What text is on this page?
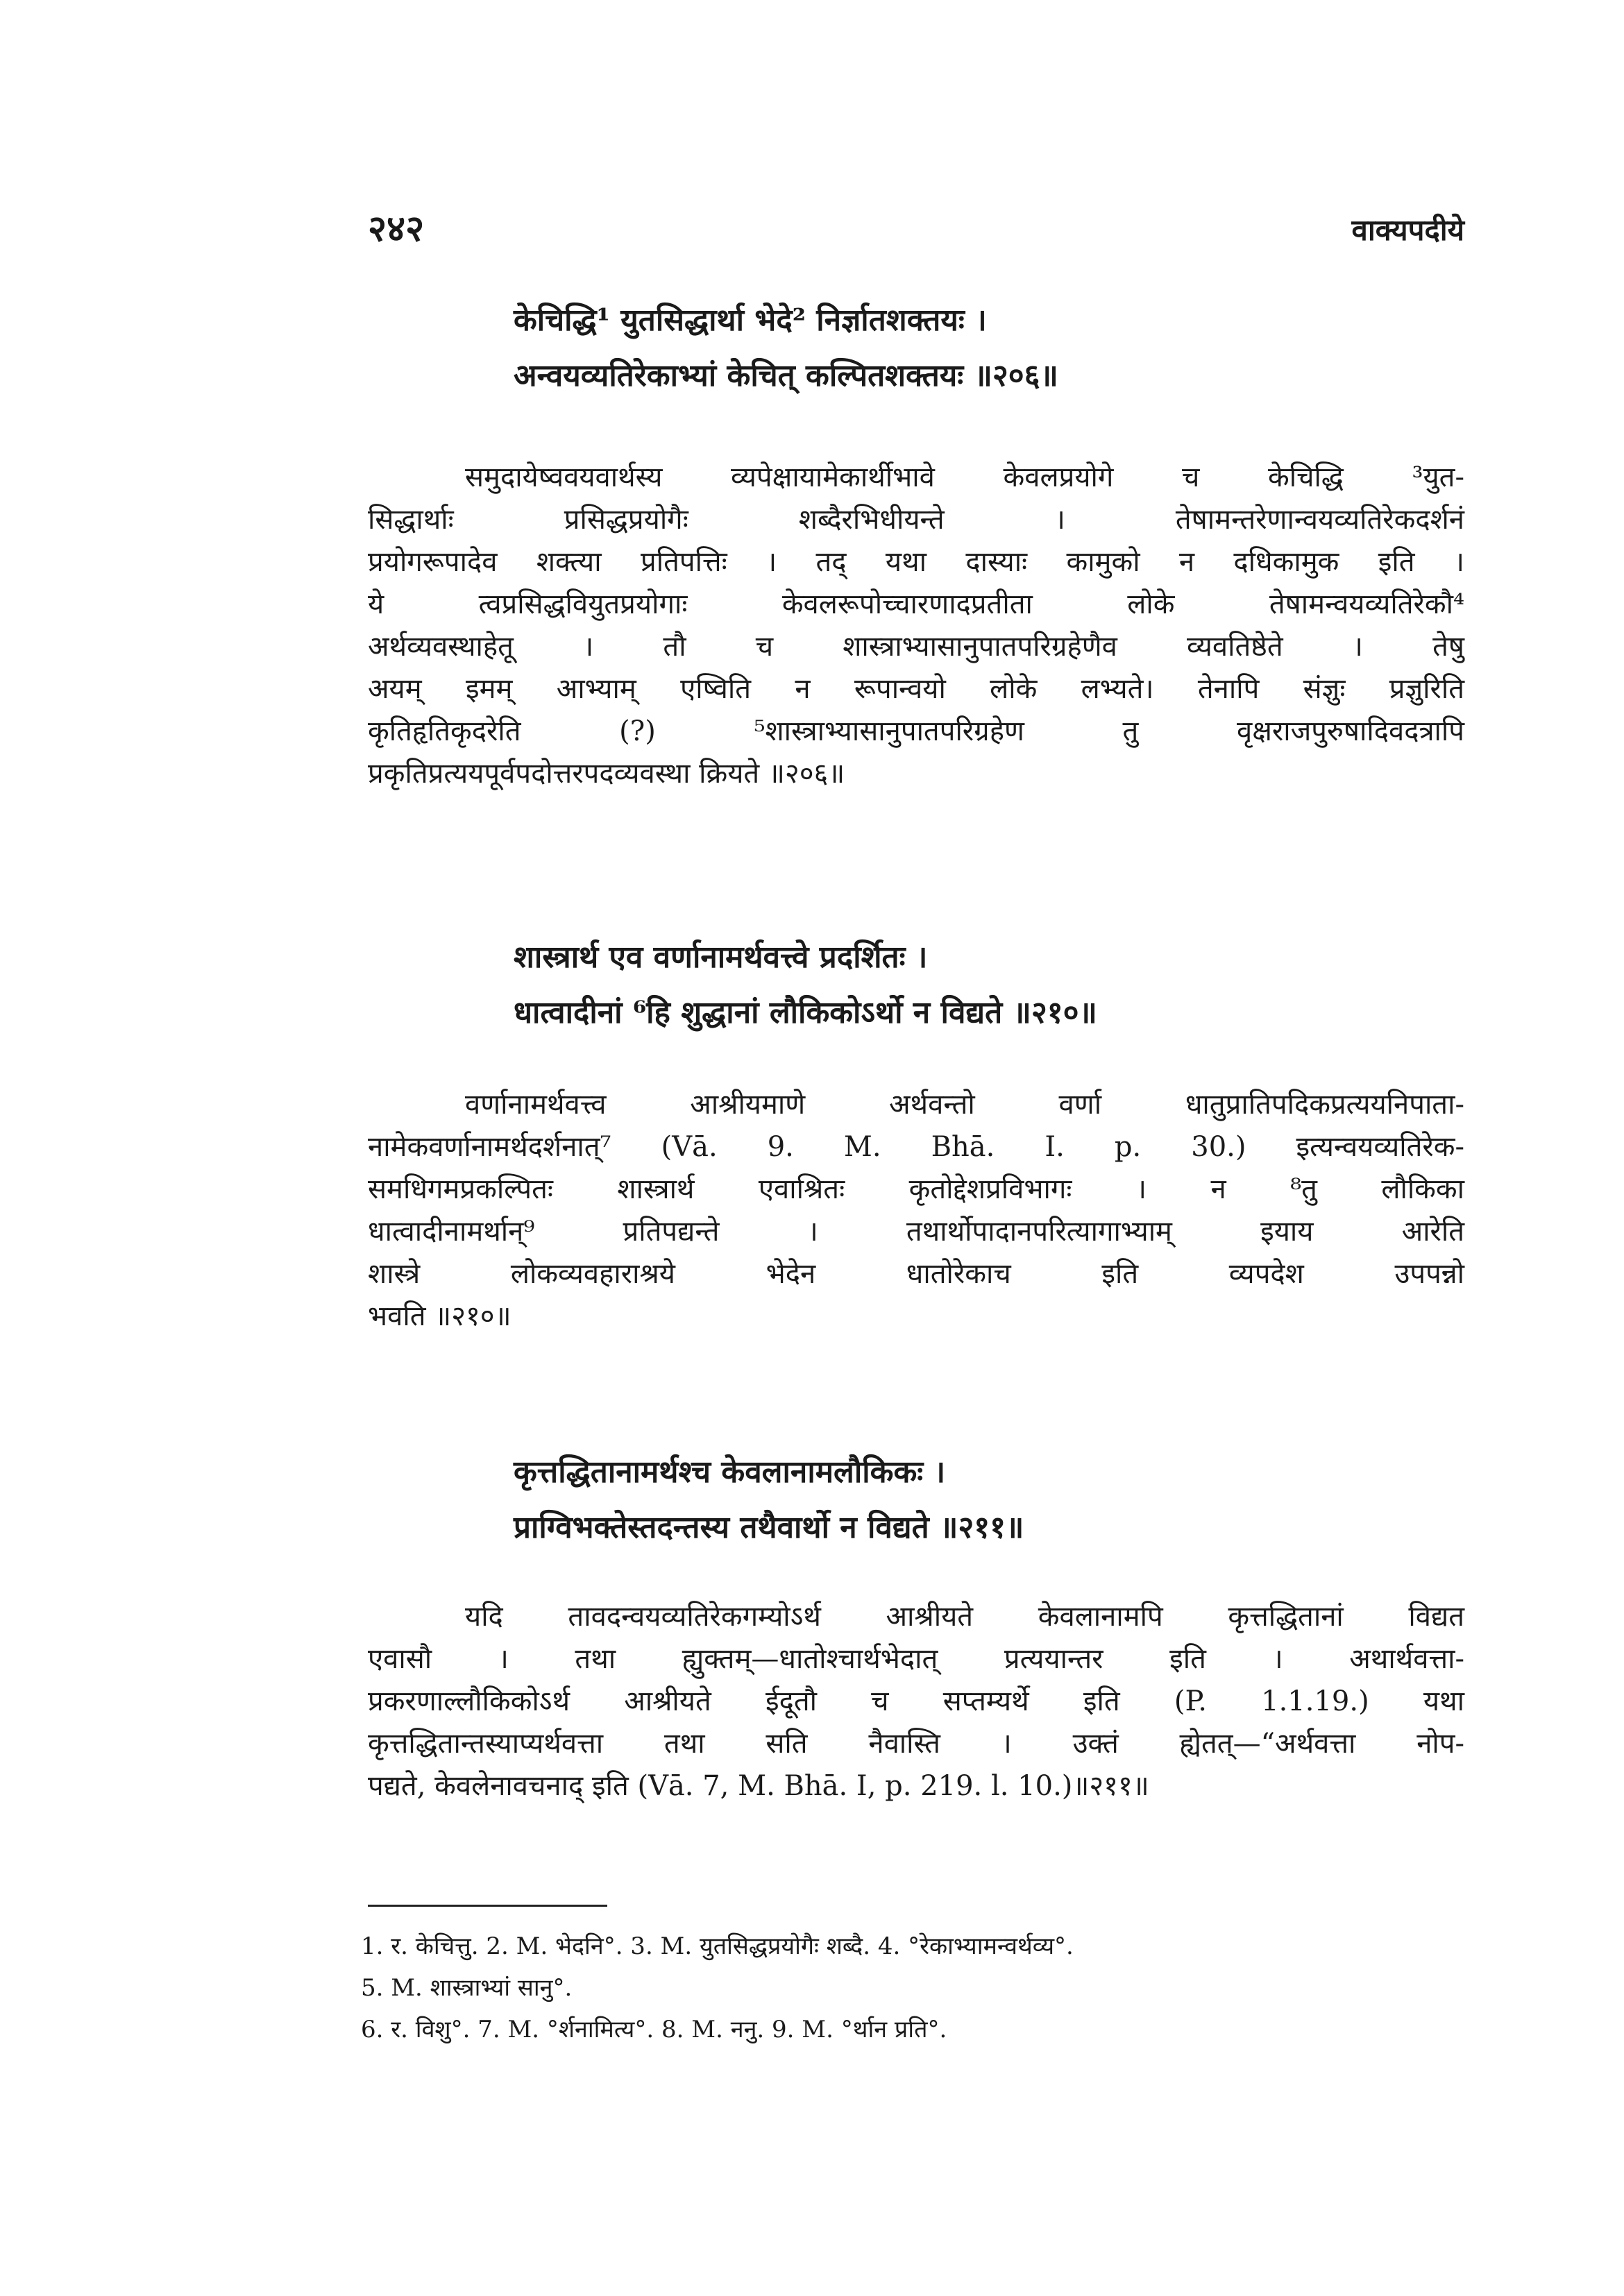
२४२	वाक्यपदीये
केचिद्धि¹ युतसिद्धार्था भेदे² निर्ज्ञातशक्तयः ।
अन्वयव्यतिरेकाभ्यां केचित् कल्पितशक्तयः ॥२०६॥
समुदायेष्ववयवार्थस्य व्यपेक्षायामेकार्थीभावे केवलप्रयोगे च केचिद्धि ³युत-
सिद्धार्थाः प्रसिद्धप्रयोगैः शब्दैरभिधीयन्ते । तेषामन्तरेणान्वयव्यतिरेकदर्शनं
प्रयोगरूपादेव शक्त्या प्रतिपत्तिः । तद् यथा दास्याः कामुको न दधिकामुक इति ।
ये त्वप्रसिद्धवियुतप्रयोगाः केवलरूपोच्चारणादप्रतीता लोके तेषामन्वयव्यतिरेकौ⁴
अर्थव्यवस्थाहेतू । तौ च शास्त्राभ्यासानुपातपरिग्रहेणैव व्यवतिष्ठेते । तेषु
अयम् इमम् आभ्याम् एष्विति न रूपान्वयो लोके लभ्यते। तेनापि संज्ञुः प्रज्ञुरिति
कृतिहृतिकृदरेति (?) ⁵शास्त्राभ्यासानुपातपरिग्रहेण तु वृक्षराजपुरुषादिवदत्रापि
प्रकृतिप्रत्ययपूर्वपदोत्तरपदव्यवस्था क्रियते ॥२०६॥
शास्त्रार्थ एव वर्णानामर्थवत्त्वे प्रदर्शितः ।
धात्वादीनां ⁶हि शुद्धानां लौकिकोऽर्थो न विद्यते ॥२१०॥
वर्णानामर्थवत्त्व आश्रीयमाणे अर्थवन्तो वर्णा धातुप्रातिपदिकप्रत्ययनिपाता-
नामेकवर्णानामर्थदर्शनात्⁷ (Vā. 9. M. Bhā. I. p. 30.) इत्यन्वयव्यतिरेक-
समधिगमप्रकल्पितः शास्त्रार्थ एवाश्रितः कृतोद्देशप्रविभागः । न ⁸तु लौकिका
धात्वादीनामर्थान्⁹ प्रतिपद्यन्ते । तथार्थोपादानपरित्यागाभ्याम् इयाय आरेति
शास्त्रे लोकव्यवहाराश्रये भेदेन धातोरेकाच इति व्यपदेश उपपन्नो
भवति ॥२१०॥
कृत्तद्धितानामर्थश्च केवलानामलौकिकः ।
प्राग्विभक्तेस्तदन्तस्य तथैवार्थो न विद्यते ॥२११॥
यदि तावदन्वयव्यतिरेकगम्योऽर्थ आश्रीयते केवलानामपि कृत्तद्धितानां विद्यत
एवासौ । तथा ह्युक्तम्—धातोश्चार्थभेदात् प्रत्ययान्तर इति । अथार्थवत्ता-
प्रकरणाल्लौकिकोऽर्थ आश्रीयते ईदूतौ च सप्तम्यर्थे इति (P. 1.1.19.) यथा
कृत्तद्धितान्तस्याप्यर्थवत्ता तथा सति नैवास्ति । उक्तं ह्येतत्—“अर्थवत्ता नोप-
पद्यते, केवलेनावचनाद् इति (Vā. 7, M. Bhā. I, p. 219. l. 10.)॥२११॥
1. र. केचित्तु. 2. M. भेदनि°. 3. M. युतसिद्धप्रयोगैः शब्दै. 4. °रेकाभ्यामन्वर्थव्य°.
5. M. शास्त्राभ्यां सानु°.
6. र. विशु°. 7. M. °र्शनामित्य°. 8. M. ननु. 9. M. °र्थान प्रति°.
